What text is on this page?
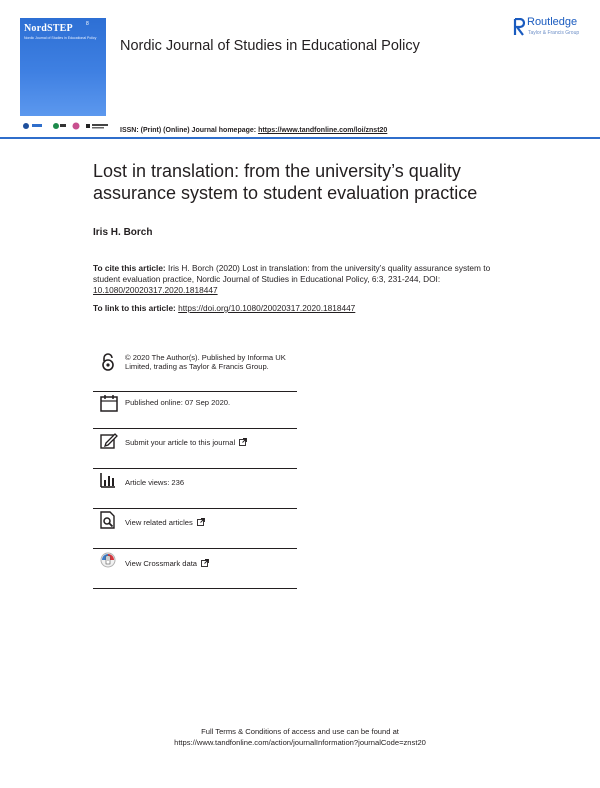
NordSTEP	8
Nordic Journal of Studies in Educational Policy	Nordic Journal of Studies in Educational Policy
Routledge
Taylor & Francis Group
ISSN: (Print) (Online) Journal homepage: https://www.tandfonline.com/loi/znst20
Lost in translation: from the university’s quality assurance system to student evaluation practice
Iris H. Borch
To cite this article: Iris H. Borch (2020) Lost in translation: from the university’s quality assurance system to student evaluation practice, Nordic Journal of Studies in Educational Policy, 6:3, 231-244, DOI: 10.1080/20020317.2020.1818447
To link to this article: https://doi.org/10.1080/20020317.2020.1818447
© 2020 The Author(s). Published by Informa UK Limited, trading as Taylor & Francis Group.
Published online: 07 Sep 2020.
Submit your article to this journal
Article views: 236
View related articles
View Crossmark data
Full Terms & Conditions of access and use can be found at
https://www.tandfonline.com/action/journalInformation?journalCode=znst20
